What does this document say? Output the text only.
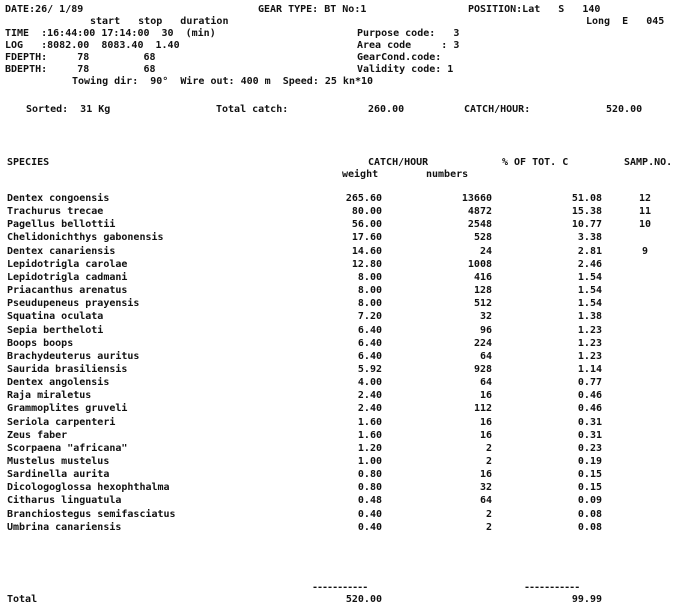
DATE:26/ 1/89	GEAR TYPE: BT No:1	POSITION:Lat   S   140
Long  E   045
start   stop   duration
TIME  :16:44:00 17:14:00  30  (min)	Purpose code:   3
LOG   :8082.00  8083.40  1.40	Area code     : 3
FDEPTH:     78         68	GearCond.code:
BDEPTH:     78         68	Validity code: 1
Towing dir:  90°  Wire out: 400 m  Speed: 25 kn*10
Sorted:  31 Kg	Total catch:	260.00	CATCH/HOUR:	520.00
SPECIES	CATCH/HOUR	% OF TOT. C	SAMP.NO.
weight	numbers
Dentex congoensis	265.60	13660	51.08	12
Trachurus trecae	80.00	4872	15.38	11
Pagellus bellottii	56.00	2548	10.77	10
Chelidonichthys gabonensis	17.60	528	3.38
Dentex canariensis	14.60	24	2.81	9
Lepidotrigla carolae	12.80	1008	2.46
Lepidotrigla cadmani	8.00	416	1.54
Priacanthus arenatus	8.00	128	1.54
Pseudupeneus prayensis	8.00	512	1.54
Squatina oculata	7.20	32	1.38
Sepia bertheloti	6.40	96	1.23
Boops boops	6.40	224	1.23
Brachydeuterus auritus	6.40	64	1.23
Saurida brasiliensis	5.92	928	1.14
Dentex angolensis	4.00	64	0.77
Raja miraletus	2.40	16	0.46
Grammoplites gruveli	2.40	112	0.46
Seriola carpenteri	1.60	16	0.31
Zeus faber	1.60	16	0.31
Scorpaena "africana"	1.20	2	0.23
Mustelus mustelus	1.00	2	0.19
Sardinella aurita	0.80	16	0.15
Dicologoglossa hexophthalma	0.80	32	0.15
Citharus linguatula	0.48	64	0.09
Branchiostegus semifasciatus	0.40	2	0.08
Umbrina canariensis	0.40	2	0.08
-----------	-----------
Total	520.00	99.99
